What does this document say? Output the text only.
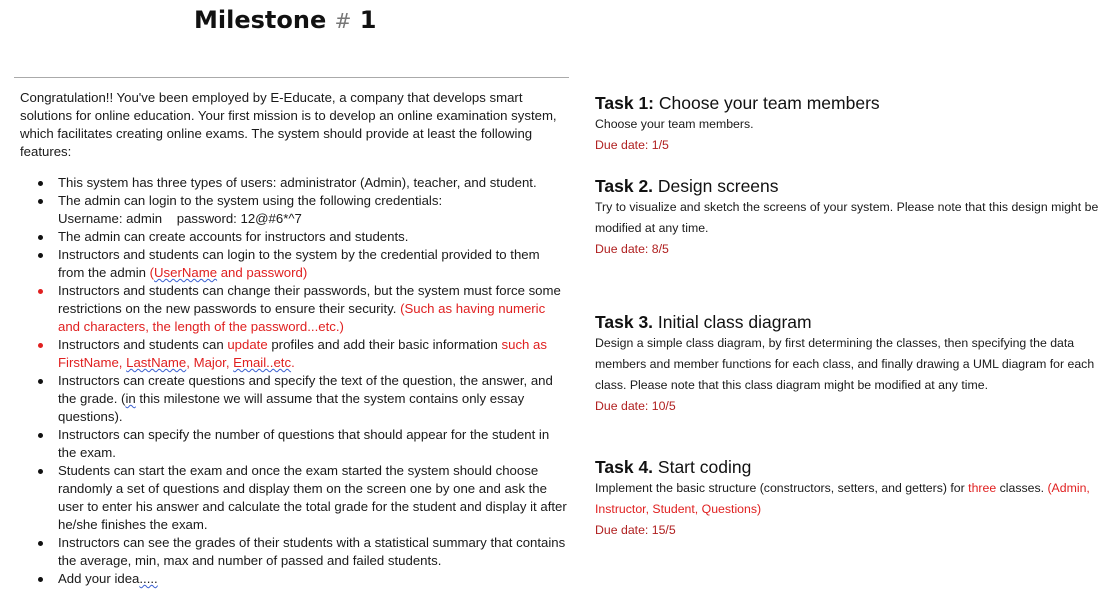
Milestone # 1

Congratulation!! You've been employed by E-Educate, a company that develops smart solutions for online education. Your first mission is to develop an online examination system, which facilitates creating online exams. The system should provide at least the following features:

This system has three types of users: administrator (Admin), teacher, and student.
The admin can login to the system using the following credentials:
Username: admin    password: 12@#6*^7
The admin can create accounts for instructors and students.
Instructors and students can login to the system by the credential provided to them from the admin (UserName and password)
Instructors and students can change their passwords, but the system must force some restrictions on the new passwords to ensure their security. (Such as having numeric and characters, the length of the password...etc.)
Instructors and students can update profiles and add their basic information such as FirstName, LastName, Major, Email..etc.
Instructors can create questions and specify the text of the question, the answer, and the grade. (in this milestone we will assume that the system contains only essay questions).
Instructors can specify the number of questions that should appear for the student in the exam.
Students can start the exam and once the exam started the system should choose randomly a set of questions and display them on the screen one by one and ask the user to enter his answer and calculate the total grade for the student and display it after he/she finishes the exam.
Instructors can see the grades of their students with a statistical summary that contains the average, min, max and number of passed and failed students.
Add your idea.....
Task 1: Choose your team members
Choose your team members.
Due date: 1/5
Task 2. Design screens
Try to visualize and sketch the screens of your system. Please note that this design might be modified at any time.
Due date: 8/5
Task 3. Initial class diagram
Design a simple class diagram, by first determining the classes, then specifying the data members and member functions for each class, and finally drawing a UML diagram for each class. Please note that this class diagram might be modified at any time.
Due date: 10/5
Task 4. Start coding
Implement the basic structure (constructors, setters, and getters) for three classes. (Admin, Instructor, Student, Questions)
Due date: 15/5
